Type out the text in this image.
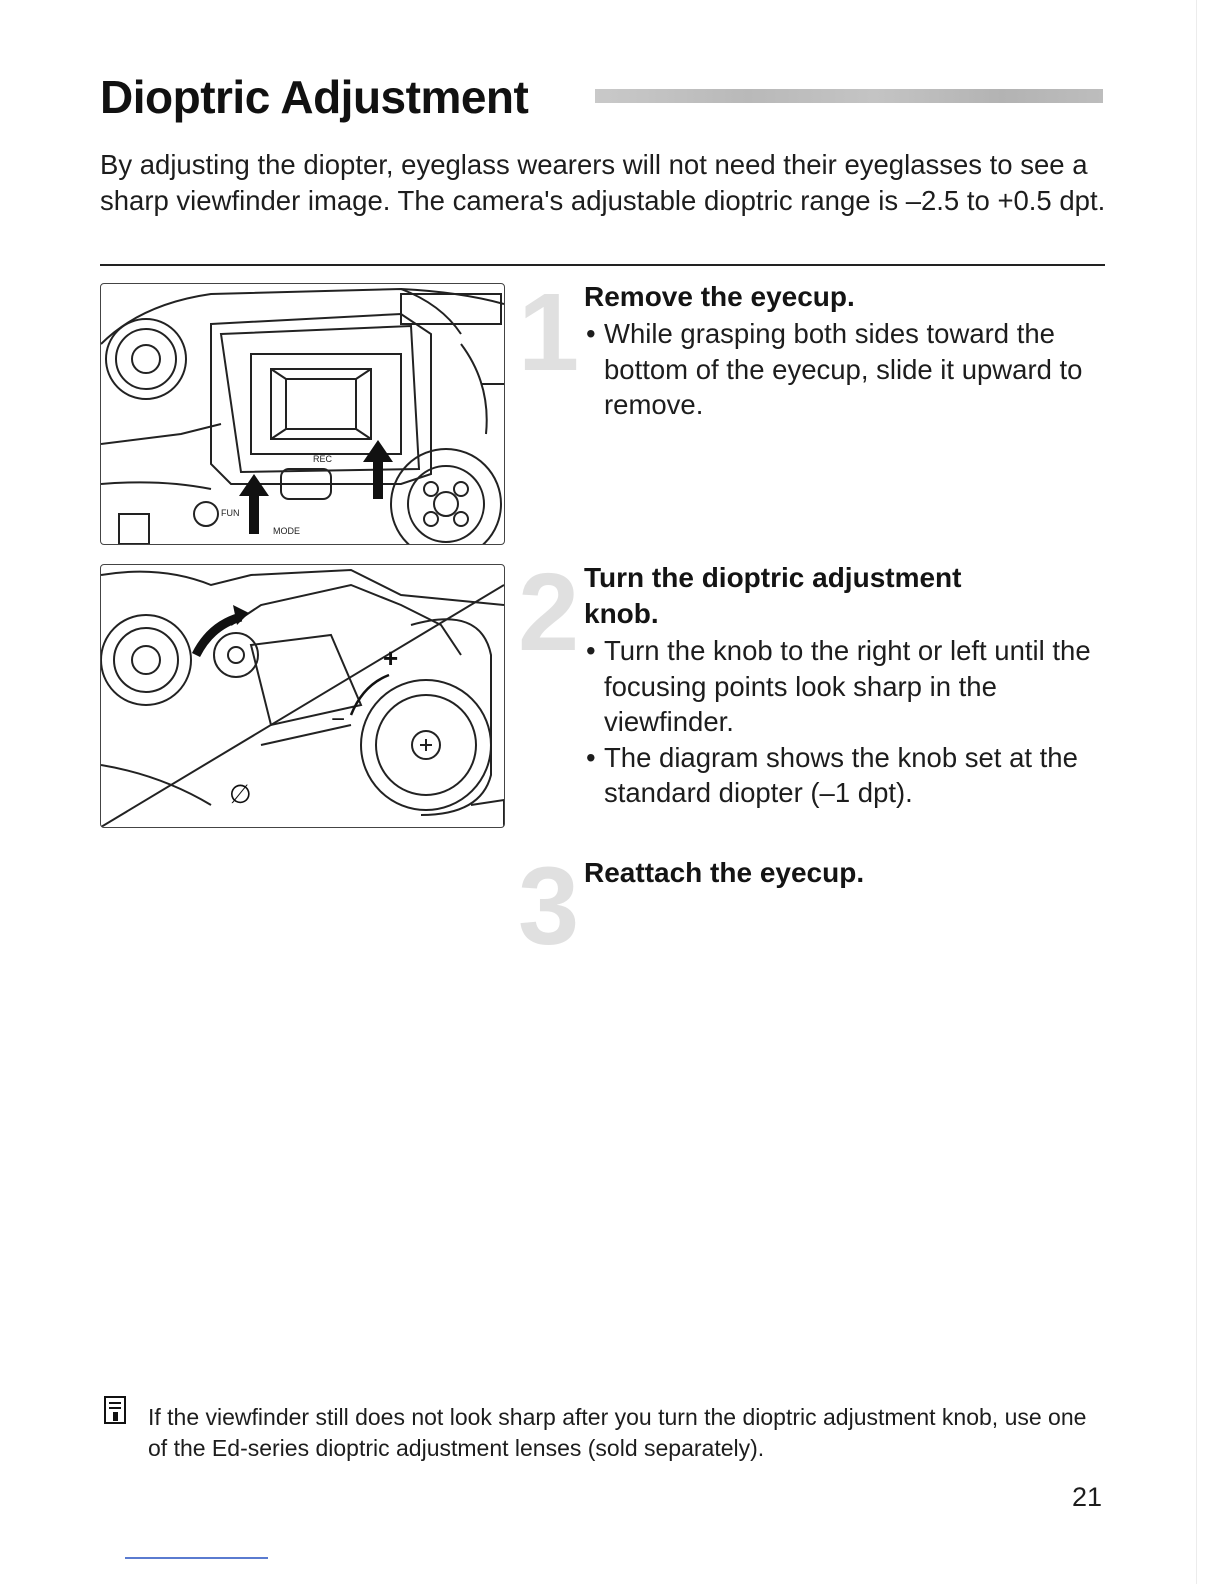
Dioptric Adjustment
By adjusting the diopter, eyeglass wearers will not need their eyeglasses to see a sharp viewfinder image. The camera's adjustable dioptric range is –2.5 to +0.5 dpt.
REC
FUN
MODE
+
−
∅
1 Remove the eyecup.
• While grasping both sides toward the bottom of the eyecup, slide it upward to remove.
2 Turn the dioptric adjustment knob.
• Turn the knob to the right or left until the focusing points look sharp in the viewfinder.
• The diagram shows the knob set at the standard diopter (–1 dpt).
3 Reattach the eyecup.
If the viewfinder still does not look sharp after you turn the dioptric adjustment knob, use one of the Ed-series dioptric adjustment lenses (sold separately).
21
